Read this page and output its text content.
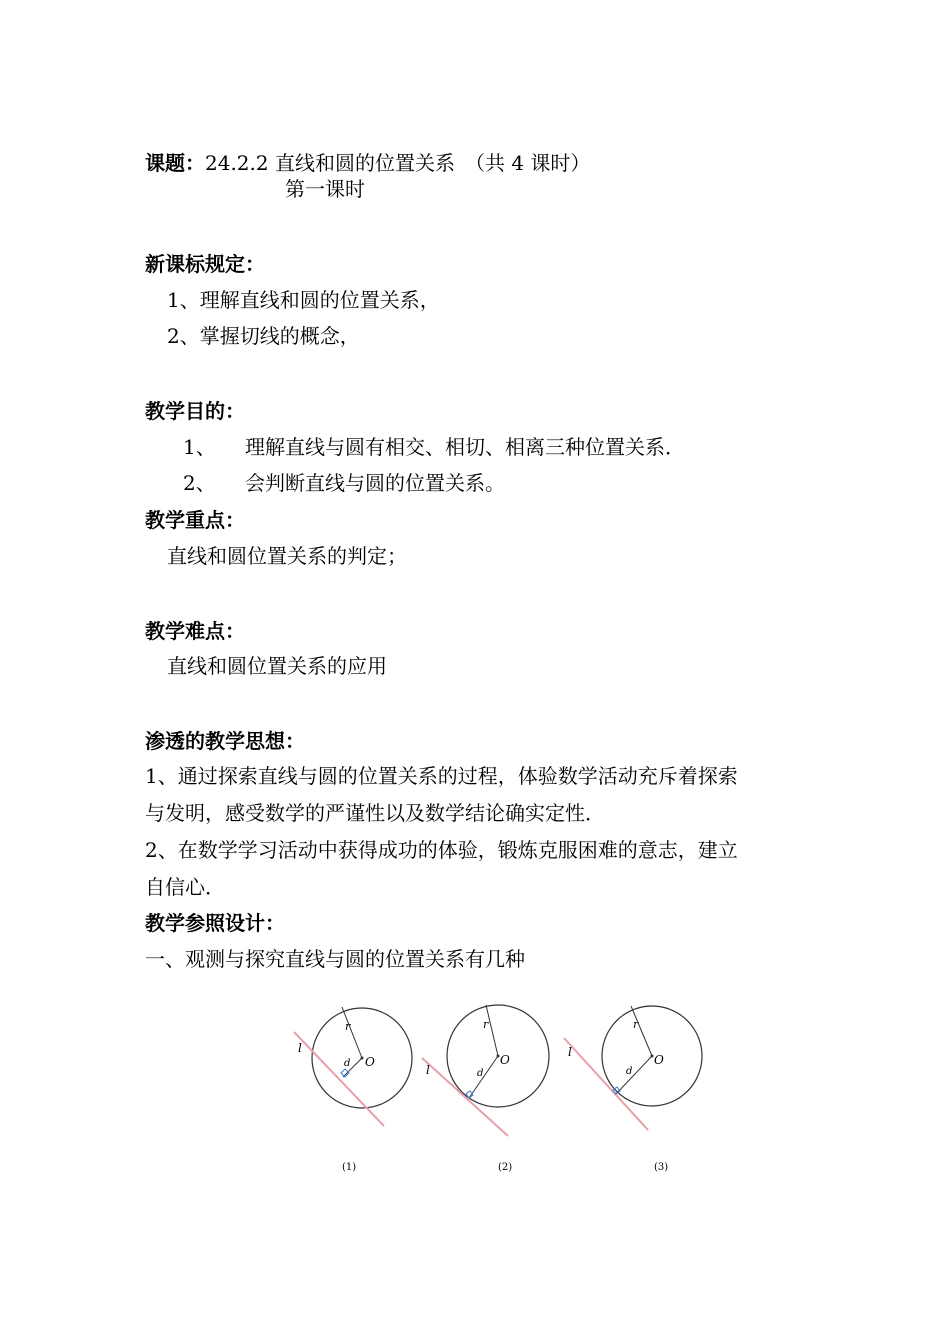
课题：24.2.2 直线和圆的位置关系　（共 4 课时）
第一课时
新课标规定：
1、理解直线和圆的位置关系，
2、掌握切线的概念，
教学目的：
1、 理解直线与圆有相交、相切、相离三种位置关系．
2、 会判断直线与圆的位置关系。
教学重点：
直线和圆位置关系的判定；
教学难点：
直线和圆位置关系的应用
渗透的教学思想：
1、通过探索直线与圆的位置关系的过程，体验数学活动充斥着探索
与发明，感受数学的严谨性以及数学结论确实定性．
2、在数学学习活动中获得成功的体验，锻炼克服困难的意志，建立
自信心．
教学参照设计：
一、观测与探究直线与圆的位置关系有几种
r
O
d
l
(1)
r
O
d
l
(2)
r
O
d
l
(3)
